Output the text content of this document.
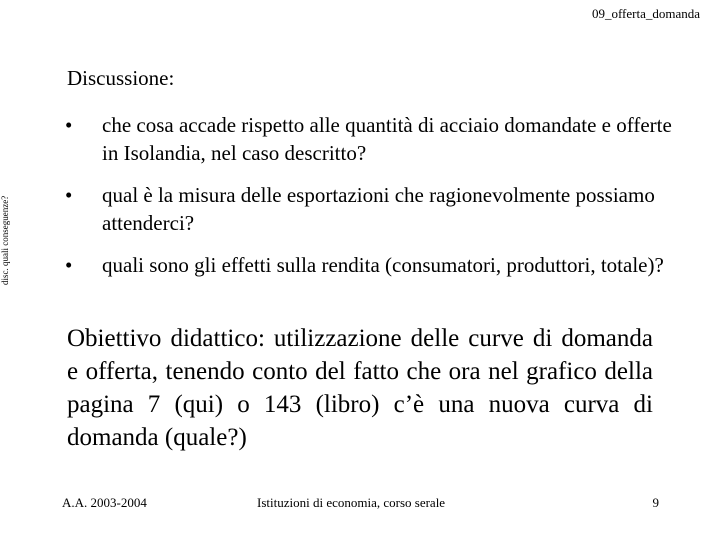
09_offerta_domanda
disc. quali conseguenze?
Discussione:
• che cosa accade rispetto alle quantità di acciaio domandate e offerte in Isolandia, nel caso descritto?
• qual è la misura delle esportazioni che ragionevolmente possiamo attenderci?
• quali sono gli effetti sulla rendita (consumatori, produttori, totale)?
Obiettivo didattico: utilizzazione delle curve di domanda e offerta, tenendo conto del fatto che ora nel grafico della pagina 7 (qui) o 143 (libro) c’è una nuova curva di domanda (quale?)
A.A. 2003-2004	Istituzioni di economia, corso serale	9
